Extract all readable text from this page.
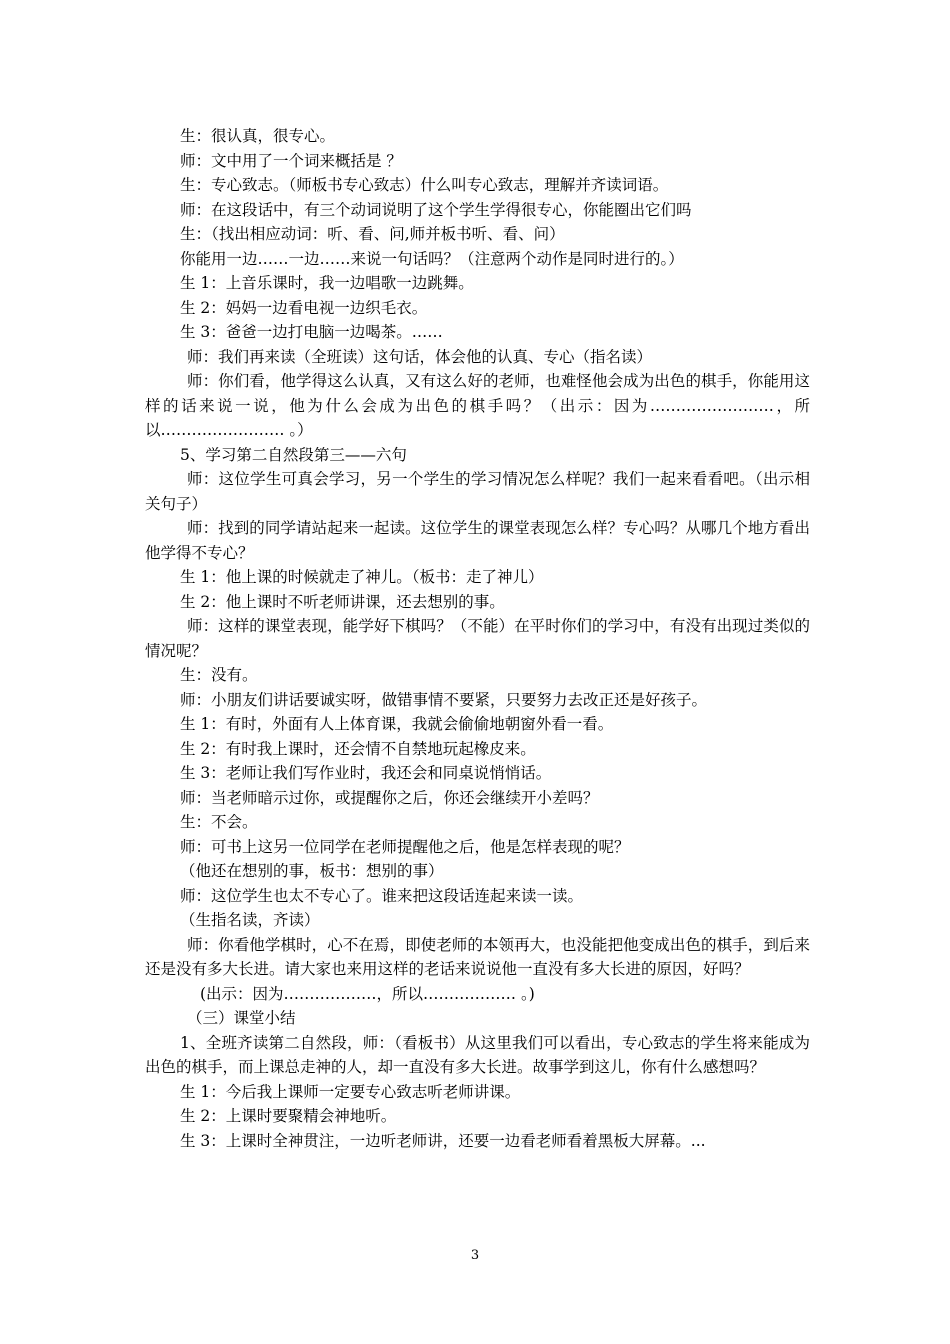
生：很认真，很专心。

师：文中用了一个词来概括是 ？

生：专心致志。（师板书专心致志）什么叫专心致志，理解并齐读词语。

师：在这段话中，有三个动词说明了这个学生学得很专心，你能圈出它们吗

生：（找出相应动词：听、看、问,师并板书听、看、问）

你能用一边……一边……来说一句话吗？（注意两个动作是同时进行的。）

生 1：上音乐课时，我一边唱歌一边跳舞。

生 2：妈妈一边看电视一边织毛衣。

生 3：爸爸一边打电脑一边喝茶。……

师：我们再来读（全班读）这句话，体会他的认真、专心（指名读）

师：你们看，他学得这么认真，又有这么好的老师，也难怪他会成为出色的棋手，你能用这样的话来说一说，他为什么会成为出色的棋手吗？（出示：因为……………………，所以…………………… 。）

5、学习第二自然段第三——六句

师：这位学生可真会学习，另一个学生的学习情况怎么样呢？我们一起来看看吧。（出示相关句子）

师：找到的同学请站起来一起读。这位学生的课堂表现怎么样？专心吗？从哪几个地方看出他学得不专心？

生 1：他上课的时候就走了神儿。（板书：走了神儿）

生 2：他上课时不听老师讲课，还去想别的事。

师：这样的课堂表现，能学好下棋吗？（不能）在平时你们的学习中，有没有出现过类似的情况呢？

生：没有。

师：小朋友们讲话要诚实呀，做错事情不要紧，只要努力去改正还是好孩子。

生 1：有时，外面有人上体育课，我就会偷偷地朝窗外看一看。

生 2：有时我上课时，还会情不自禁地玩起橡皮来。

生 3：老师让我们写作业时，我还会和同桌说悄悄话。

师：当老师暗示过你，或提醒你之后，你还会继续开小差吗？

生：不会。

师：可书上这另一位同学在老师提醒他之后，他是怎样表现的呢？

（他还在想别的事，板书：想别的事）

师：这位学生也太不专心了。谁来把这段话连起来读一读。

（生指名读，齐读）

师：你看他学棋时，心不在焉，即使老师的本领再大，也没能把他变成出色的棋手，到后来还是没有多大长进。请大家也来用这样的老话来说说他一直没有多大长进的原因，好吗？

(出示：因为………………，所以……………… 。)

（三）课堂小结

1、全班齐读第二自然段，师：（看板书）从这里我们可以看出，专心致志的学生将来能成为出色的棋手，而上课总走神的人，却一直没有多大长进。故事学到这儿，你有什么感想吗？

生 1：今后我上课师一定要专心致志听老师讲课。

生 2：上课时要聚精会神地听。

生 3：上课时全神贯注，一边听老师讲，还要一边看老师看着黑板大屏幕。...

3
